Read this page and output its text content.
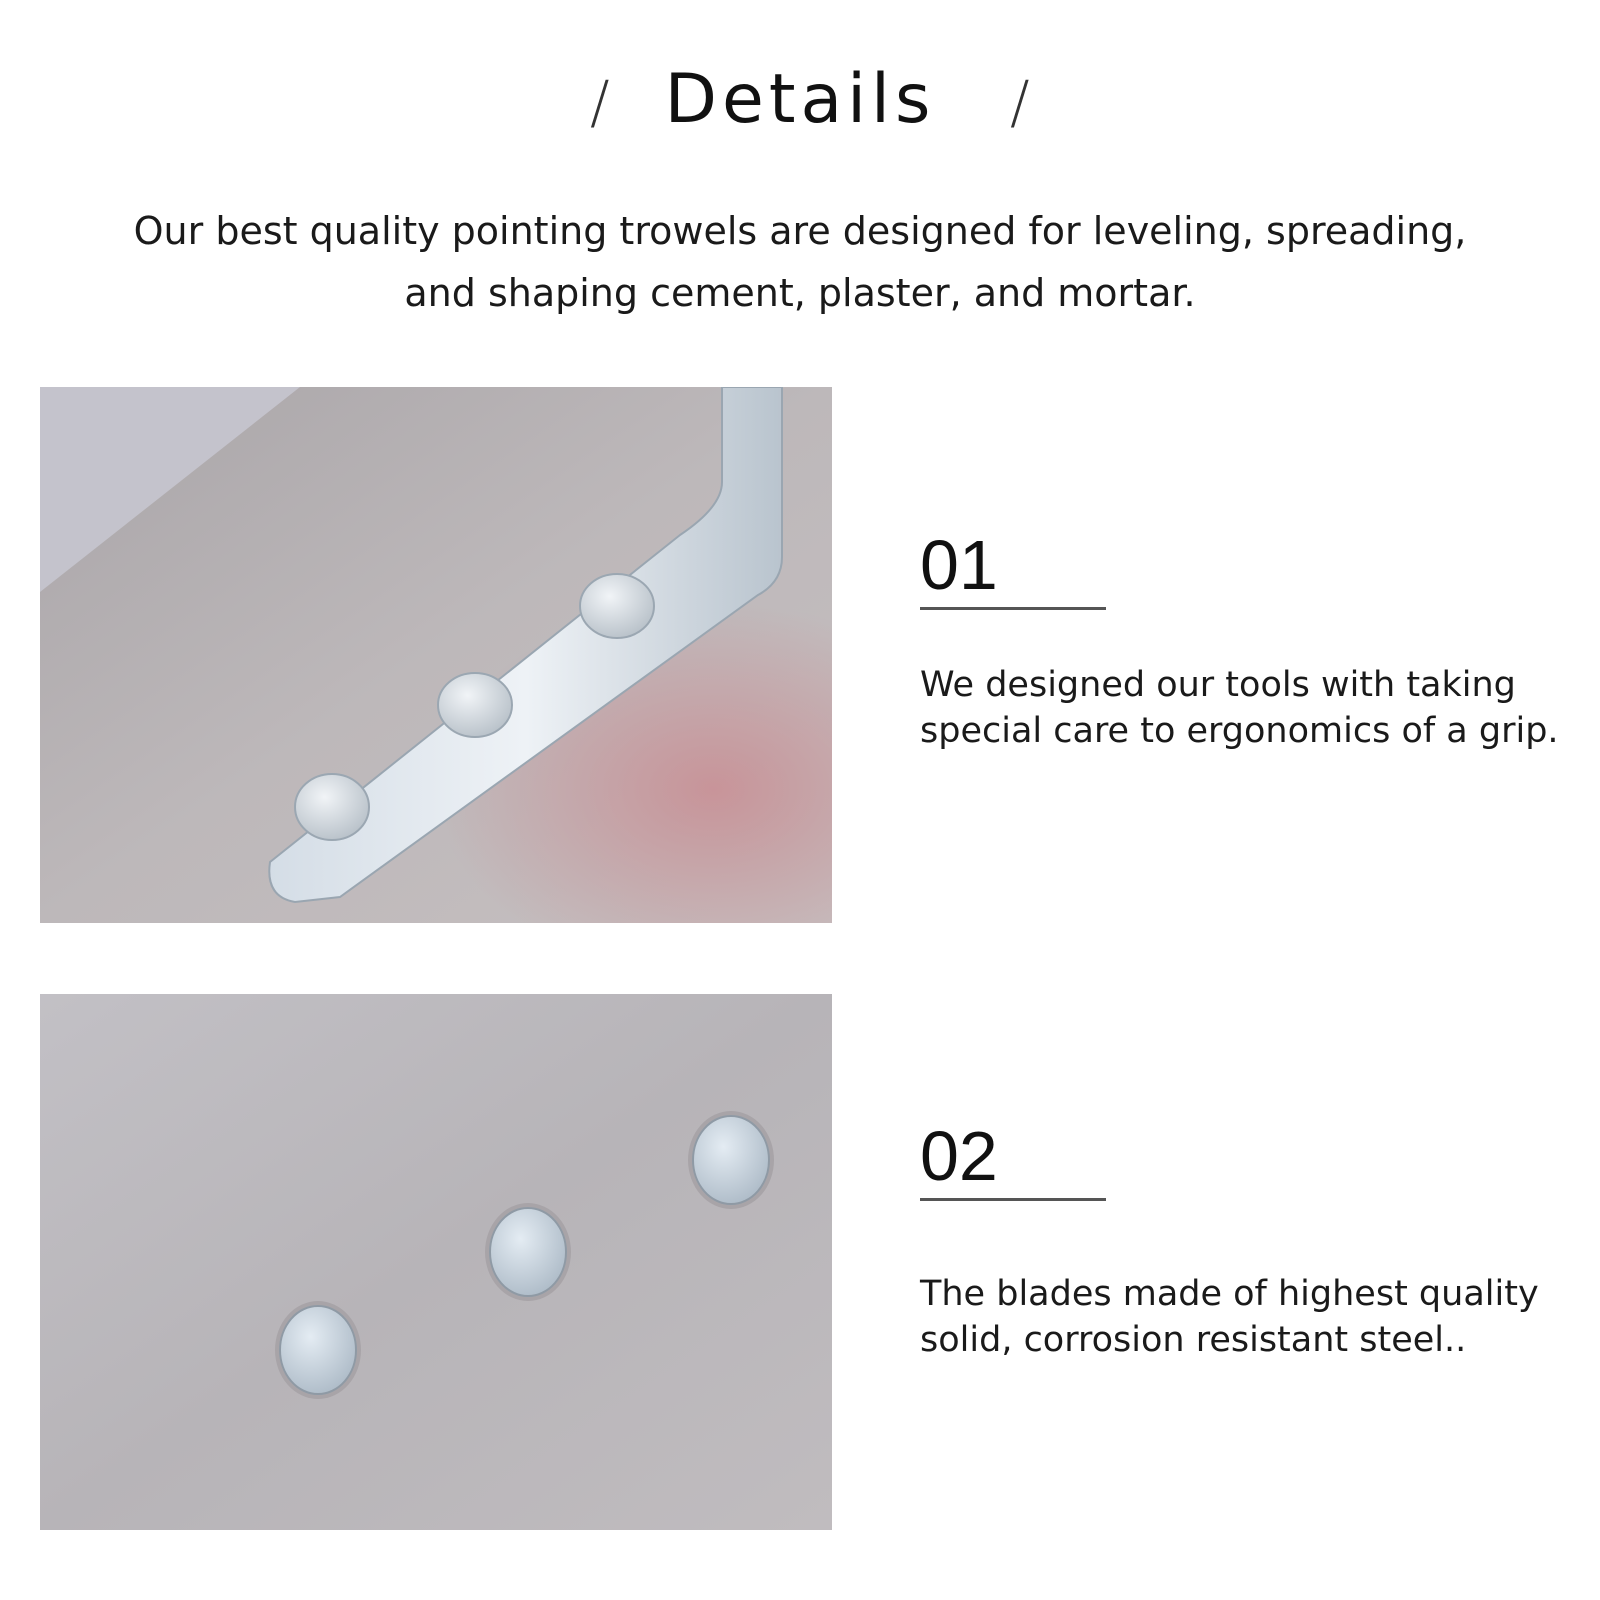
/ Details	/
Our best quality pointing trowels are designed for leveling, spreading, and shaping cement, plaster, and mortar.
01
We designed our tools with taking special care to ergonomics of a grip.
02
The blades made of highest quality solid, corrosion resistant steel..
